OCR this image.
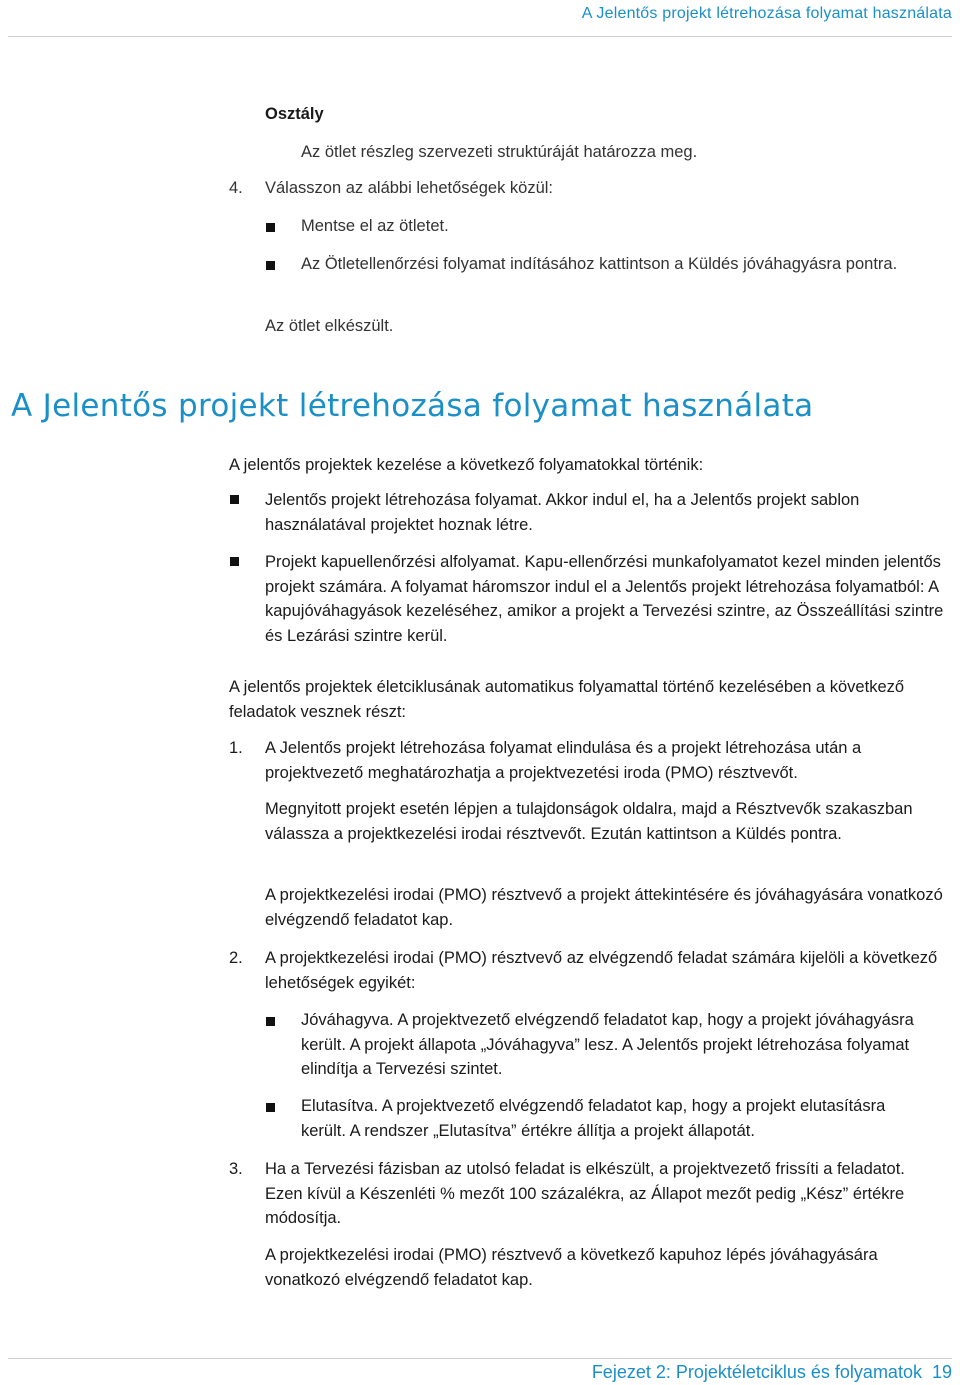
A Jelentős projekt létrehozása folyamat használata
Osztály
Az ötlet részleg szervezeti struktúráját határozza meg.
4. Válasszon az alábbi lehetőségek közül:
Mentse el az ötletet.
Az Ötletellenőrzési folyamat indításához kattintson a Küldés jóváhagyásra pontra.
Az ötlet elkészült.
A Jelentős projekt létrehozása folyamat használata
A jelentős projektek kezelése a következő folyamatokkal történik:
Jelentős projekt létrehozása folyamat. Akkor indul el, ha a Jelentős projekt sablon használatával projektet hoznak létre.
Projekt kapuellenőrzési alfolyamat. Kapu-ellenőrzési munkafolyamatot kezel minden jelentős projekt számára. A folyamat háromszor indul el a Jelentős projekt létrehozása folyamatból: A kapujóváhagyások kezeléséhez, amikor a projekt a Tervezési szintre, az Összeállítási szintre és Lezárási szintre kerül.
A jelentős projektek életciklusának automatikus folyamattal történő kezelésében a következő feladatok vesznek részt:
1. A Jelentős projekt létrehozása folyamat elindulása és a projekt létrehozása után a projektvezető meghatározhatja a projektvezetési iroda (PMO) résztvevőt.
Megnyitott projekt esetén lépjen a tulajdonságok oldalra, majd a Résztvevők szakaszban válassza a projektkezelési irodai résztvevőt. Ezután kattintson a Küldés pontra.
A projektkezelési irodai (PMO) résztvevő a projekt áttekintésére és jóváhagyására vonatkozó elvégzendő feladatot kap.
2. A projektkezelési irodai (PMO) résztvevő az elvégzendő feladat számára kijelöli a következő lehetőségek egyikét:
Jóváhagyva. A projektvezető elvégzendő feladatot kap, hogy a projekt jóváhagyásra került. A projekt állapota „Jóváhagyva” lesz. A Jelentős projekt létrehozása folyamat elindítja a Tervezési szintet.
Elutasítva. A projektvezető elvégzendő feladatot kap, hogy a projekt elutasításra került. A rendszer „Elutasítva” értékre állítja a projekt állapotát.
3. Ha a Tervezési fázisban az utolsó feladat is elkészült, a projektvezető frissíti a feladatot. Ezen kívül a Készenléti % mezőt 100 százalékra, az Állapot mezőt pedig „Kész” értékre módosítja.
A projektkezelési irodai (PMO) résztvevő a következő kapuhoz lépés jóváhagyására vonatkozó elvégzendő feladatot kap.
Fejezet 2: Projektéletciklus és folyamatok 19
